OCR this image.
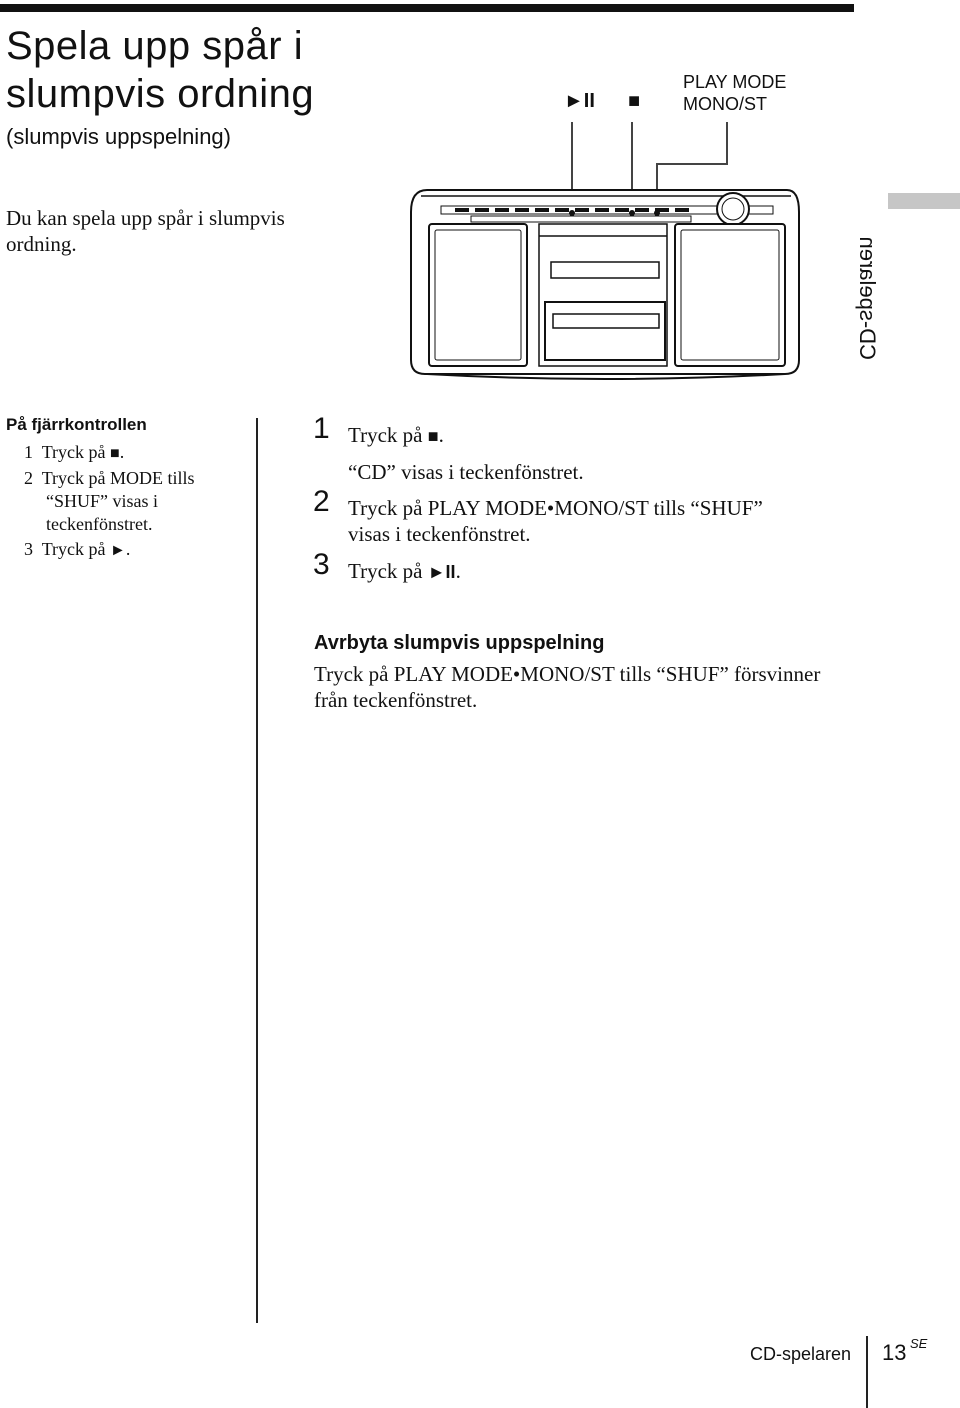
Spela upp spår i
slumpvis ordning
(slumpvis uppspelning)
Du kan spela upp spår i slumpvis ordning.
►II ■
PLAY MODE
MONO/ST
CD-spelaren
På fjärrkontrollen
1 Tryck på ■.
2 Tryck på MODE tills
“SHUF” visas i
teckenfönstret.
3 Tryck på ►.
1 Tryck på ■.
“CD” visas i teckenfönstret.
2 Tryck på PLAY MODE•MONO/ST tills “SHUF”
visas i teckenfönstret.
3 Tryck på ►II.
Avrbyta slumpvis uppspelning
Tryck på PLAY MODE•MONO/ST tills “SHUF” försvinner från teckenfönstret.
CD-spelaren 13 SE
